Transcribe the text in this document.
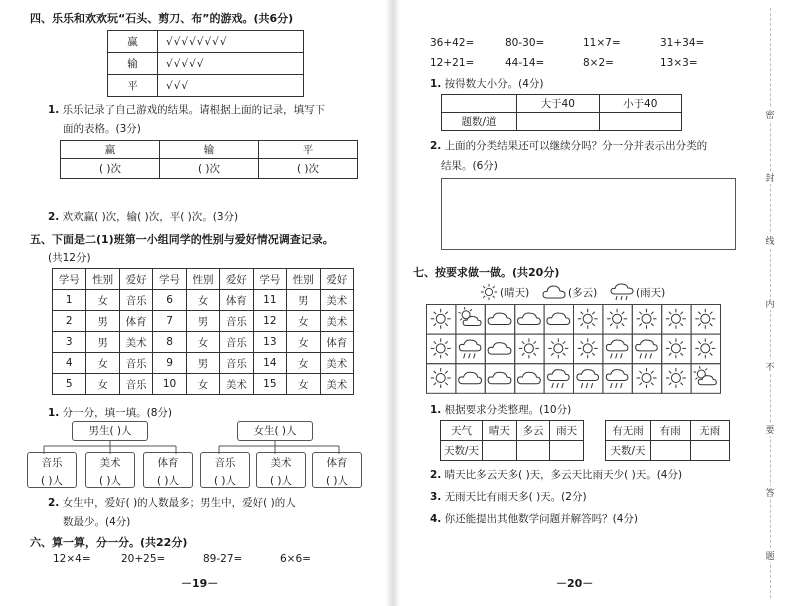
四、乐乐和欢欢玩“石头、剪刀、布”的游戏。(共6分)
赢	√√√√√√√√
输	√√√√√
平	√√√
1. 乐乐记录了自己游戏的结果。请根据上面的记录，填写下
面的表格。(3分)
赢	输	平
( )次	( )次	( )次
2. 欢欢赢( )次，输( )次，平( )次。(3分)
五、下面是二(1)班第一小组同学的性别与爱好情况调查记录。
(共12分)
学号	性别	爱好	学号	性别	爱好	学号	性别	爱好
1	女	音乐	6	女	体育	11	男	美术
2	男	体育	7	男	音乐	12	女	美术
3	男	美术	8	女	音乐	13	女	体育
4	女	音乐	9	男	音乐	14	女	美术
5	女	音乐	10	女	美术	15	女	美术
1. 分一分，填一填。(8分)
男生( )人
音乐
( )人
美术
( )人
体育
( )人
女生( )人
音乐
( )人
美术
( )人
体育
( )人
2. 女生中，爱好( )的人数最多；男生中，爱好( )的人
数最少。(4分)
六、算一算，分一分。(共22分)
12×4=	20+25=	89-27=	6×6=
－19－
36+42=	80-30=	11×7=	31+34=
12+21=	44-14=	8×2=	13×3=
1. 按得数大小分。(4分)
	大于40	小于40
题数/道		
2. 上面的分类结果还可以继续分吗？分一分并表示出分类的
结果。(6分)
七、按要求做一做。(共20分)
(晴天)	(多云)	(雨天)
1. 根据要求分类整理。(10分)
天气	晴天	多云	雨天
天数/天			
有无雨	有雨	无雨
天数/天		
2. 晴天比多云天多( )天，多云天比雨天少( )天。(4分)
3. 无雨天比有雨天多( )天。(2分)
4. 你还能提出其他数学问题并解答吗？(4分)
－20－
密
封
线
内
不
要
答
题
